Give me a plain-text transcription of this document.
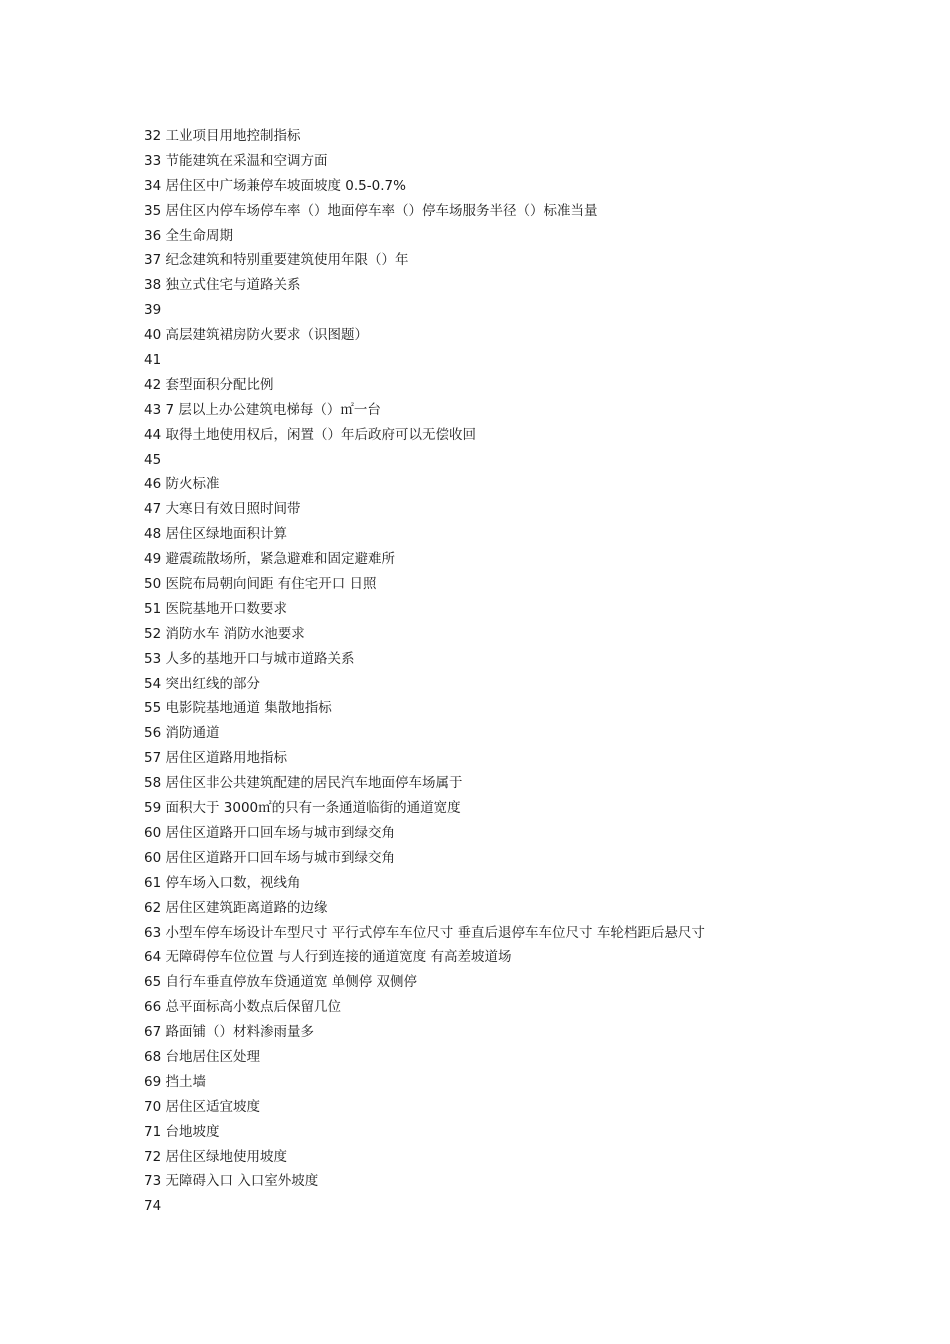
32 工业项目用地控制指标
33 节能建筑在采温和空调方面
34 居住区中广场兼停车坡面坡度 0.5-0.7%
35 居住区内停车场停车率（）地面停车率（）停车场服务半径（）标准当量
36 全生命周期
37 纪念建筑和特别重要建筑使用年限（）年
38 独立式住宅与道路关系
39
40 高层建筑裙房防火要求（识图题）
41
42 套型面积分配比例
43 7 层以上办公建筑电梯每（）㎡一台
44 取得土地使用权后，闲置（）年后政府可以无偿收回
45
46 防火标准
47 大寒日有效日照时间带
48 居住区绿地面积计算
49 避震疏散场所，紧急避难和固定避难所
50 医院布局朝向间距 有住宅开口 日照
51 医院基地开口数要求
52 消防水车 消防水池要求
53 人多的基地开口与城市道路关系
54 突出红线的部分
55 电影院基地通道 集散地指标
56 消防通道
57 居住区道路用地指标
58 居住区非公共建筑配建的居民汽车地面停车场属于
59 面积大于 3000㎡的只有一条通道临街的通道宽度
60 居住区道路开口回车场与城市到绿交角
60 居住区道路开口回车场与城市到绿交角
61 停车场入口数，视线角
62 居住区建筑距离道路的边缘
63 小型车停车场设计车型尺寸 平行式停车车位尺寸 垂直后退停车车位尺寸 车轮档距后悬尺寸
64 无障碍停车位位置 与人行到连接的通道宽度 有高差坡道场
65 自行车垂直停放车贷通道宽 单侧停 双侧停
66 总平面标高小数点后保留几位
67 路面铺（）材料渗雨量多
68 台地居住区处理
69 挡土墙
70 居住区适宜坡度
71 台地坡度
72 居住区绿地使用坡度
73 无障碍入口 入口室外坡度
74
